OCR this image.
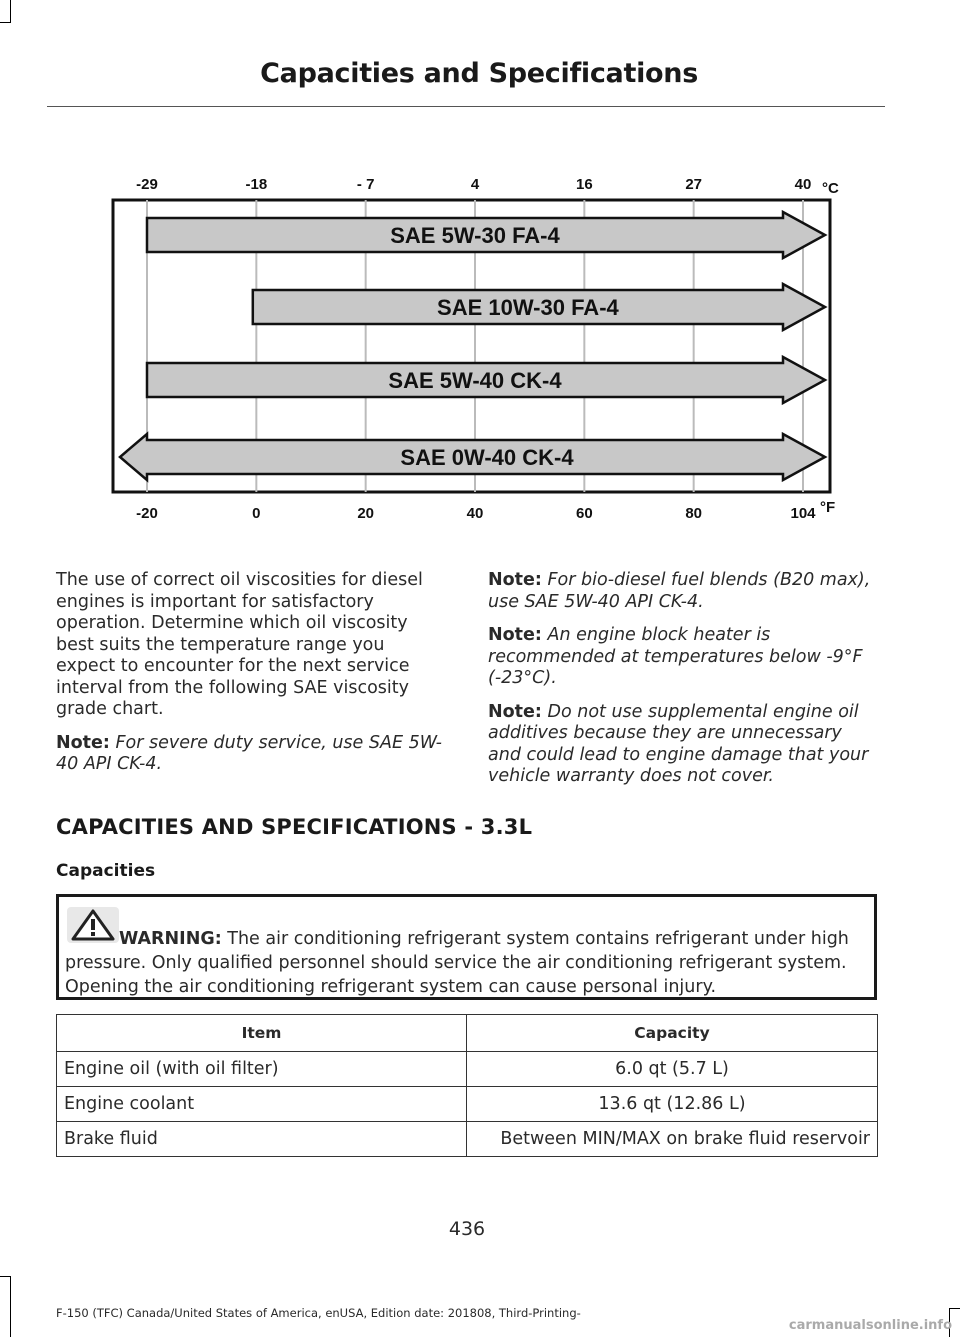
Capacities and Specifications
-29	-18	- 7	4	16	27	40 °C
-20	0	20	40	60	80	104 °F
SAE 5W-30 FA-4
SAE 10W-30 FA-4
SAE 5W-40 CK-4
SAE 0W-40 CK-4

The use of correct oil viscosities for diesel engines is important for satisfactory operation. Determine which oil viscosity best suits the temperature range you expect to encounter for the next service interval from the following SAE viscosity grade chart.

Note: For severe duty service, use SAE 5W-40 API CK-4.

Note: For bio-diesel fuel blends (B20 max), use SAE 5W-40 API CK-4.

Note: An engine block heater is recommended at temperatures below -9°F (-23°C).

Note: Do not use supplemental engine oil additives because they are unnecessary and could lead to engine damage that your vehicle warranty does not cover.

CAPACITIES AND SPECIFICATIONS - 3.3L
Capacities
WARNING: The air conditioning refrigerant system contains refrigerant under high pressure. Only qualified personnel should service the air conditioning refrigerant system. Opening the air conditioning refrigerant system can cause personal injury.
Item	Capacity
Engine oil (with oil filter)	6.0 qt (5.7 L)
Engine coolant	13.6 qt (12.86 L)
Brake fluid	Between MIN/MAX on brake fluid reservoir
436
F-150 (TFC) Canada/United States of America, enUSA, Edition date: 201808, Third-Printing-
carmanualsonline.info
